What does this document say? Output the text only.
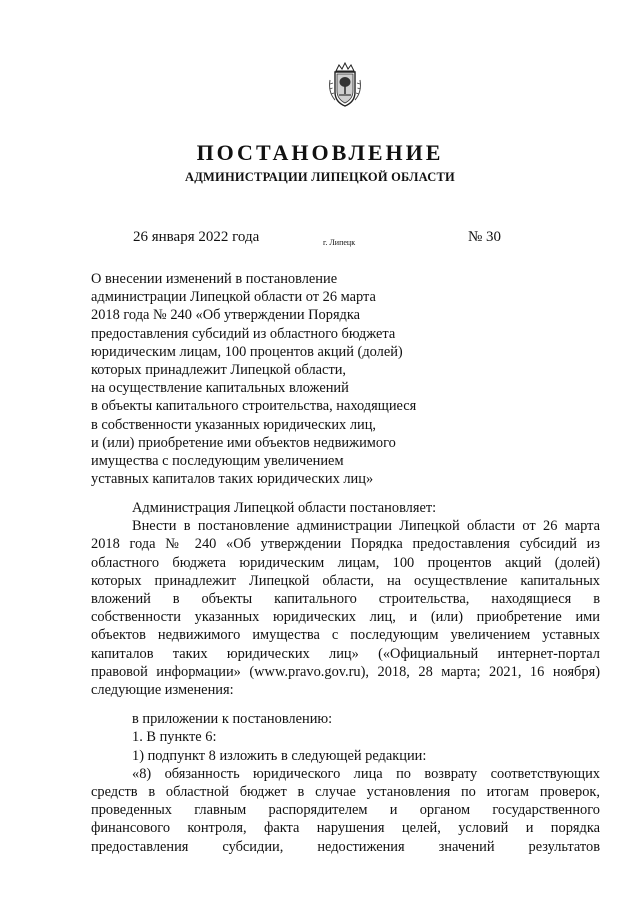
ПОСТАНОВЛЕНИЕ
АДМИНИСТРАЦИИ ЛИПЕЦКОЙ ОБЛАСТИ
26 января 2022 года	г. Липецк	№ 30
О внесении изменений в постановление
администрации Липецкой области от 26 марта
2018 года № 240 «Об утверждении Порядка
предоставления субсидий из областного бюджета
юридическим лицам, 100 процентов акций (долей)
которых принадлежит Липецкой области,
на осуществление капитальных вложений
в объекты капитального строительства, находящиеся
в собственности указанных юридических лиц,
и (или) приобретение ими объектов недвижимого
имущества с последующим увеличением
уставных капиталов таких юридических лиц»
Администрация Липецкой области постановляет:
Внести в постановление администрации Липецкой области от 26 марта
2018 года № 240 «Об утверждении Порядка предоставления субсидий из
областного бюджета юридическим лицам, 100 процентов акций (долей)
которых принадлежит Липецкой области, на осуществление капитальных
вложений в объекты капитального строительства, находящиеся в
собственности указанных юридических лиц, и (или) приобретение ими
объектов недвижимого имущества с последующим увеличением уставных
капиталов таких юридических лиц» («Официальный интернет-портал
правовой информации» (www.pravo.gov.ru), 2018, 28 марта; 2021, 16 ноября)
следующие изменения:
в приложении к постановлению:
1. В пункте 6:
1) подпункт 8 изложить в следующей редакции:
«8) обязанность юридического лица по возврату соответствующих
средств в областной бюджет в случае установления по итогам проверок,
проведенных главным распорядителем и органом государственного
финансового контроля, факта нарушения целей, условий и порядка
предоставления субсидии, недостижения значений результатов
